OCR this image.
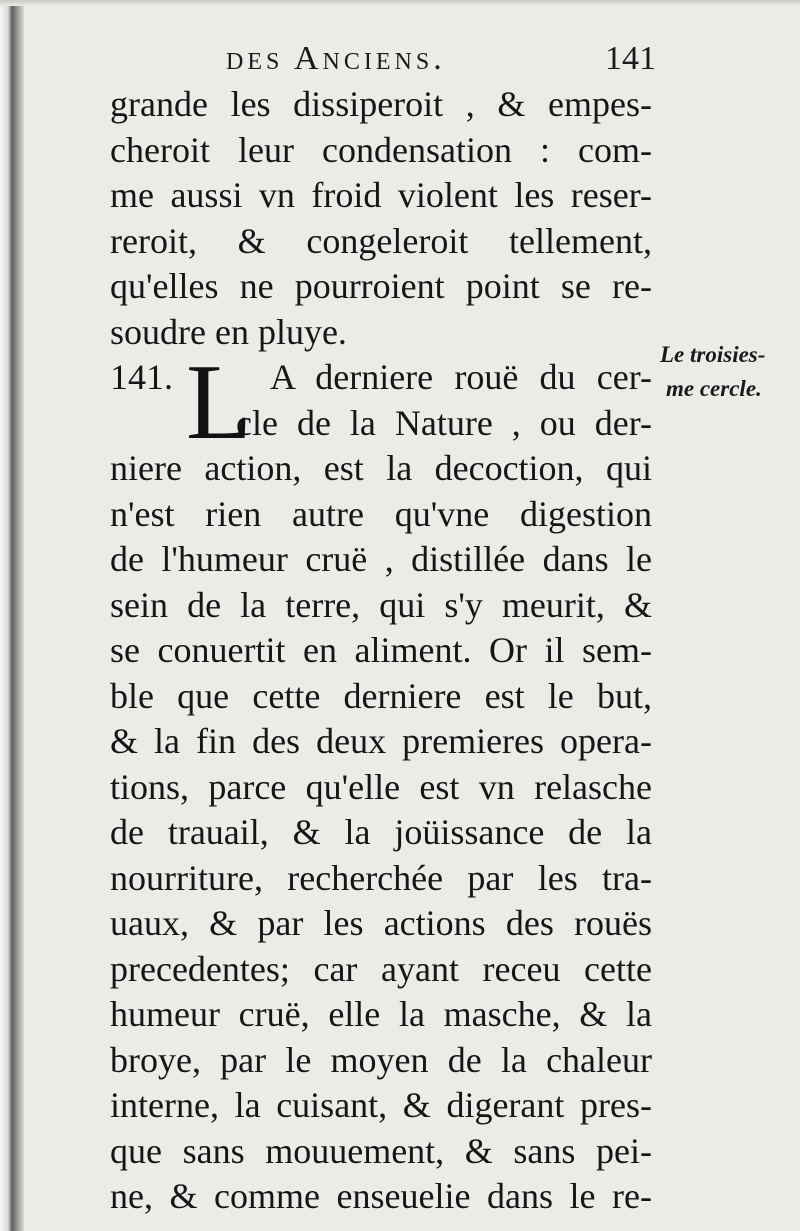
des Anciens.	141
grande les dissiperoit , & empes-
cheroit leur condensation : com-
me aussi vn froid violent les reser-
reroit, & congeleroit tellement,
qu'elles ne pourroient point se re-
soudre en pluye.
141. L A derniere rouë du cer-
cle de la Nature , ou der-
niere action, est la decoction, qui
n'est rien autre qu'vne digestion
de l'humeur cruë , distillée dans le
sein de la terre, qui s'y meurit, &
se conuertit en aliment. Or il sem-
ble que cette derniere est le but,
& la fin des deux premieres opera-
tions, parce qu'elle est vn relasche
de trauail, & la joüissance de la
nourriture, recherchée par les tra-
uaux, & par les actions des rouës
precedentes; car ayant receu cette
humeur cruë, elle la masche, & la
broye, par le moyen de la chaleur
interne, la cuisant, & digerant pres-
que sans mouuement, & sans pei-
ne, & comme enseuelie dans le re-
Le troisies-
me cercle.
